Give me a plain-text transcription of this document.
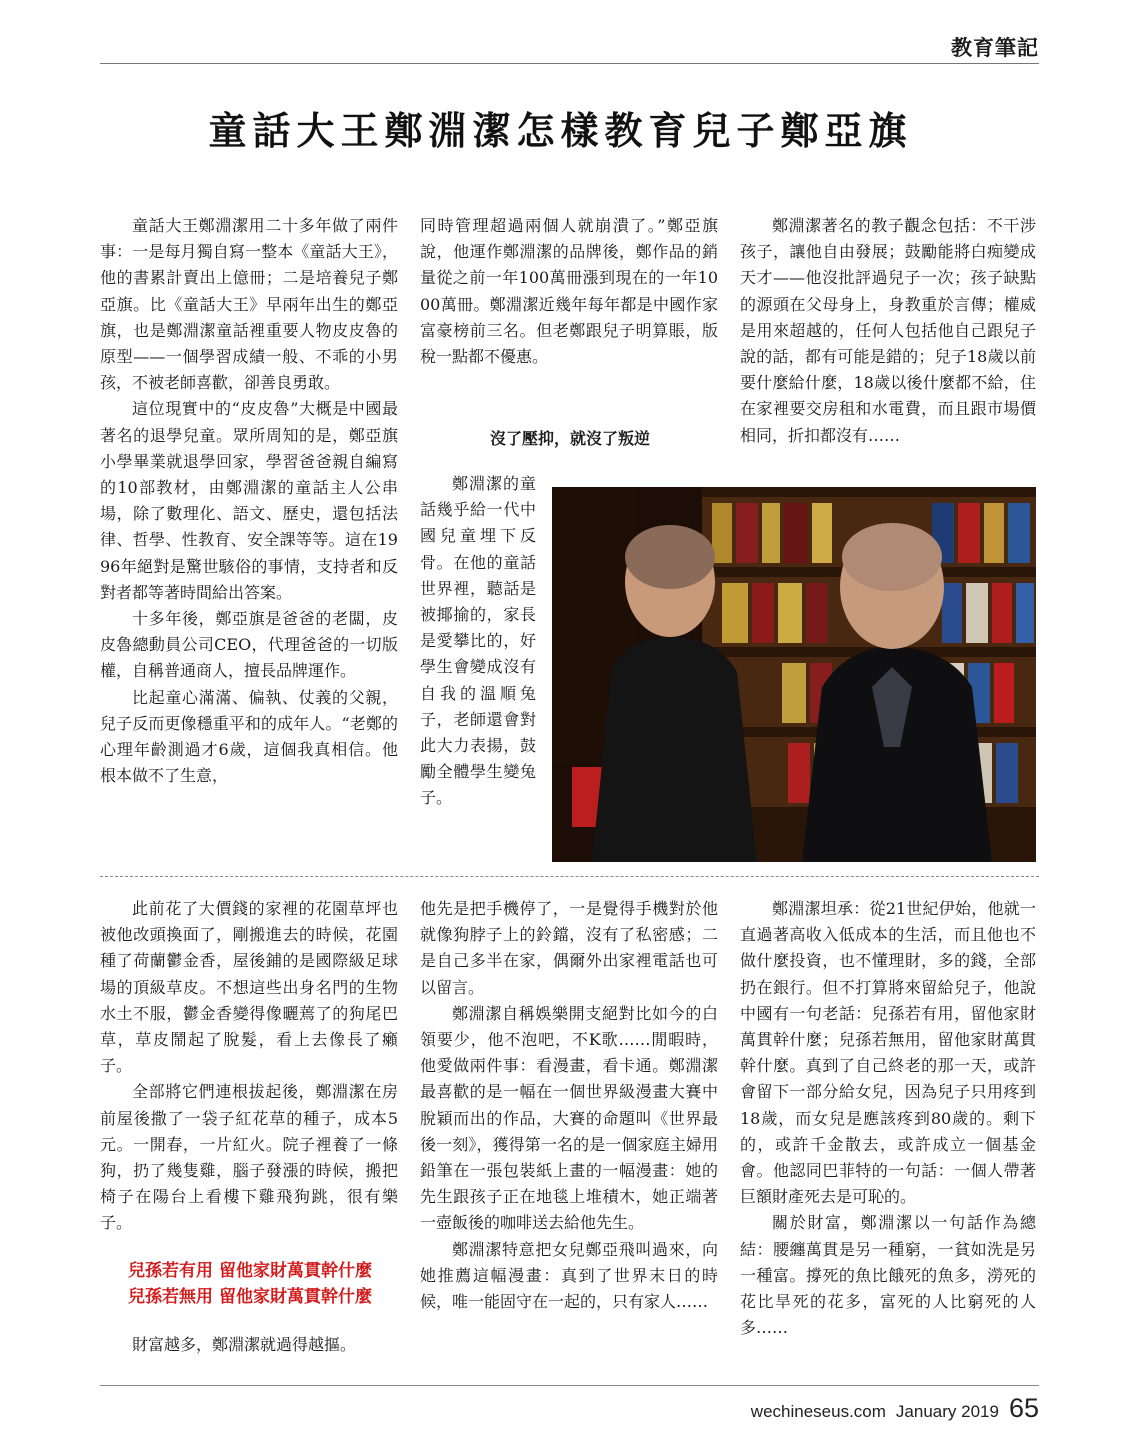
教育筆記
童話大王鄭淵潔怎樣教育兒子鄭亞旗

童話大王鄭淵潔用二十多年做了兩件事：一是每月獨自寫一整本《童話大王》，他的書累計賣出上億冊；二是培養兒子鄭亞旗。比《童話大王》早兩年出生的鄭亞旗，也是鄭淵潔童話裡重要人物皮皮魯的原型——一個學習成績一般、不乖的小男孩，不被老師喜歡，卻善良勇敢。

這位現實中的“皮皮魯”大概是中國最著名的退學兒童。眾所周知的是，鄭亞旗小學畢業就退學回家，學習爸爸親自編寫的10部教材，由鄭淵潔的童話主人公串場，除了數理化、語文、歷史，還包括法律、哲學、性教育、安全課等等。這在1996年絕對是驚世駭俗的事情，支持者和反對者都等著時間給出答案。

十多年後，鄭亞旗是爸爸的老闆，皮皮魯總動員公司CEO，代理爸爸的一切版權，自稱普通商人，擅長品牌運作。

比起童心滿滿、偏執、仗義的父親，兒子反而更像穩重平和的成年人。“老鄭的心理年齡測過才6歲，這個我真相信。他根本做不了生意，

同時管理超過兩個人就崩潰了。”鄭亞旗說，他運作鄭淵潔的品牌後，鄭作品的銷量從之前一年100萬冊漲到現在的一年1000萬冊。鄭淵潔近幾年每年都是中國作家富豪榜前三名。但老鄭跟兒子明算賬，版稅一點都不優惠。

沒了壓抑，就沒了叛逆

鄭淵潔的童話幾乎給一代中國兒童埋下反骨。在他的童話世界裡，聽話是被揶揄的，家長是愛攀比的，好學生會變成沒有自我的溫順兔子，老師還會對此大力表揚，鼓勵全體學生變兔子。

鄭淵潔著名的教子觀念包括：不干涉孩子，讓他自由發展；鼓勵能將白痴變成天才——他沒批評過兒子一次；孩子缺點的源頭在父母身上，身教重於言傳；權威是用來超越的，任何人包括他自己跟兒子說的話，都有可能是錯的；兒子18歲以前要什麼給什麼，18歲以後什麼都不給，住在家裡要交房租和水電費，而且跟市場價相同，折扣都沒有……

此前花了大價錢的家裡的花園草坪也被他改頭換面了，剛搬進去的時候，花園種了荷蘭鬱金香，屋後鋪的是國際級足球場的頂級草皮。不想這些出身名門的生物水土不服，鬱金香變得像曬蔫了的狗尾巴草，草皮鬧起了脫髮，看上去像長了癩子。

全部將它們連根拔起後，鄭淵潔在房前屋後撒了一袋子紅花草的種子，成本5元。一開春，一片紅火。院子裡養了一條狗，扔了幾隻雞，腦子發漲的時候，搬把椅子在陽台上看樓下雞飛狗跳，很有樂子。

兒孫若有用 留他家財萬貫幹什麼
兒孫若無用 留他家財萬貫幹什麼

財富越多，鄭淵潔就過得越摳。

他先是把手機停了，一是覺得手機對於他就像狗脖子上的鈴鐺，沒有了私密感；二是自己多半在家，偶爾外出家裡電話也可以留言。

鄭淵潔自稱娛樂開支絕對比如今的白領要少，他不泡吧，不K歌……閒暇時，他愛做兩件事：看漫畫，看卡通。鄭淵潔最喜歡的是一幅在一個世界級漫畫大賽中脫穎而出的作品，大賽的命題叫《世界最後一刻》，獲得第一名的是一個家庭主婦用鉛筆在一張包裝紙上畫的一幅漫畫：她的先生跟孩子正在地毯上堆積木，她正端著一壺飯後的咖啡送去給他先生。

鄭淵潔特意把女兒鄭亞飛叫過來，向她推薦這幅漫畫：真到了世界末日的時候，唯一能固守在一起的，只有家人……

鄭淵潔坦承：從21世紀伊始，他就一直過著高收入低成本的生活，而且他也不做什麼投資，也不懂理財，多的錢，全部扔在銀行。但不打算將來留給兒子，他說中國有一句老話：兒孫若有用，留他家財萬貫幹什麼；兒孫若無用，留他家財萬貫幹什麼。真到了自己終老的那一天，或許會留下一部分給女兒，因為兒子只用疼到18歲，而女兒是應該疼到80歲的。剩下的，或許千金散去，或許成立一個基金會。他認同巴菲特的一句話：一個人帶著巨額財產死去是可恥的。

關於財富，鄭淵潔以一句話作為總結：腰纏萬貫是另一種窮，一貧如洗是另一種富。撐死的魚比餓死的魚多，澇死的花比旱死的花多，富死的人比窮死的人多……

wechineseus.com January 2019 65
